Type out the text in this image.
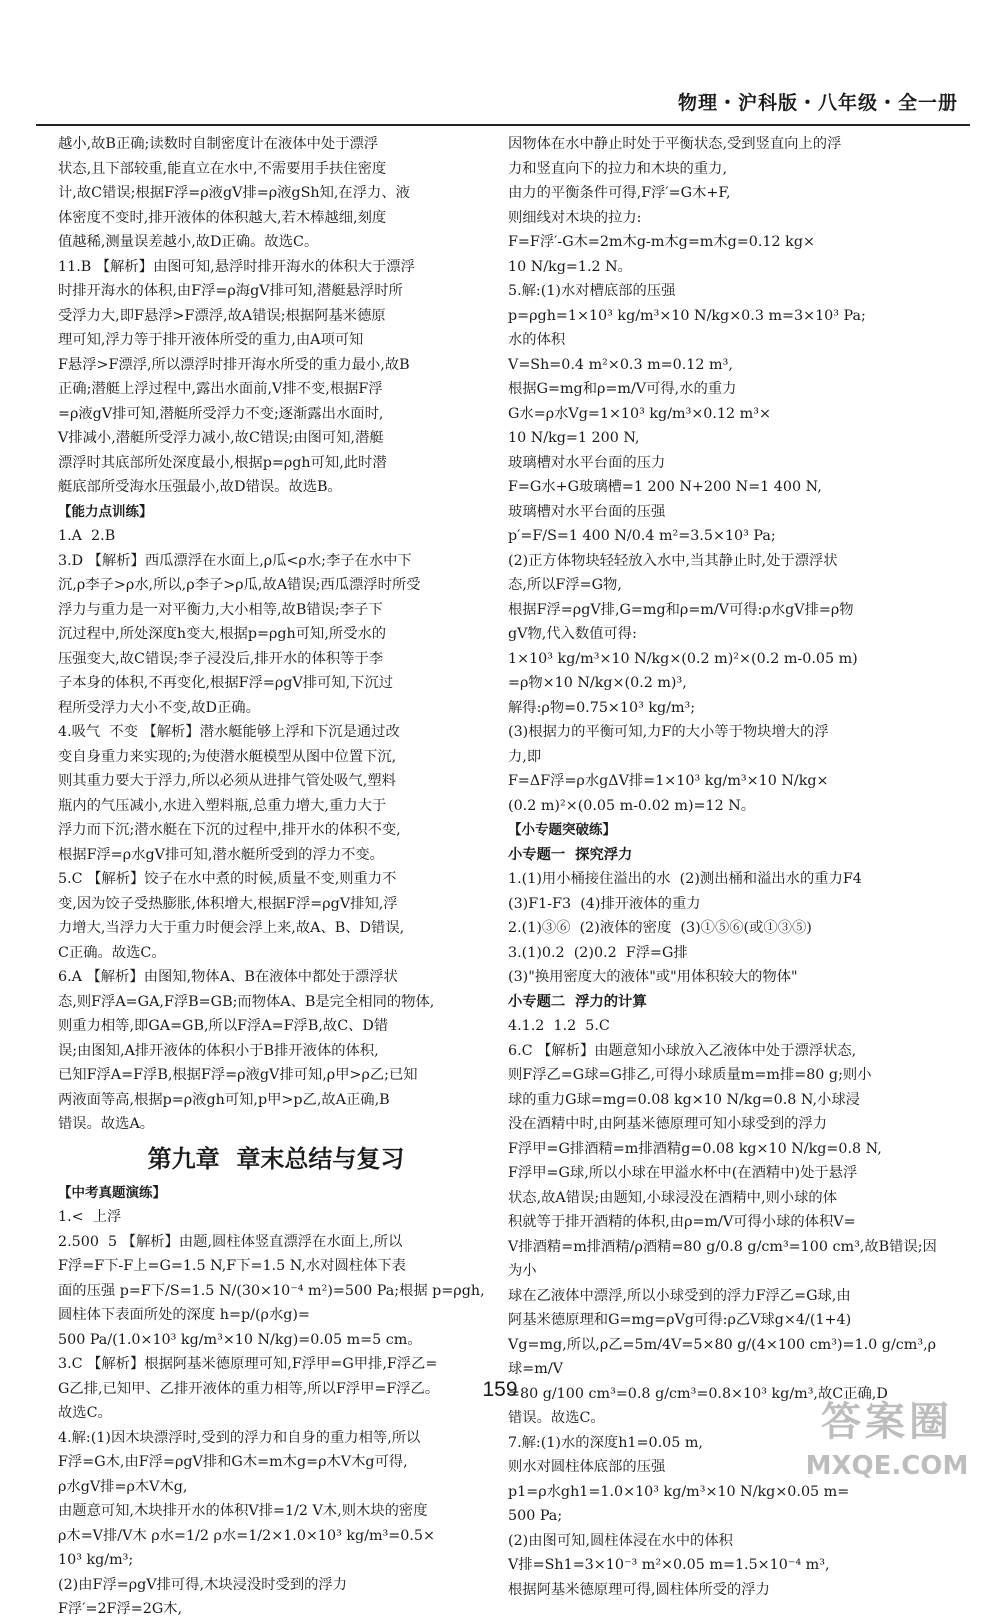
物理・沪科版・八年级・全一册

越小,故B正确;读数时自制密度计在液体中处于漂浮

状态,且下部较重,能直立在水中,不需要用手扶住密度

计,故C错误;根据F浮=ρ液gV排=ρ液gSh知,在浮力、液

体密度不变时,排开液体的体积越大,若木棒越细,刻度

值越稀,测量误差越小,故D正确。故选C。

11.B 【解析】由图可知,悬浮时排开海水的体积大于漂浮

时排开海水的体积,由F浮=ρ海gV排可知,潜艇悬浮时所

受浮力大,即F悬浮>F漂浮,故A错误;根据阿基米德原

理可知,浮力等于排开液体所受的重力,由A项可知

F悬浮>F漂浮,所以漂浮时排开海水所受的重力最小,故B

正确;潜艇上浮过程中,露出水面前,V排不变,根据F浮

=ρ液gV排可知,潜艇所受浮力不变;逐渐露出水面时,

V排减小,潜艇所受浮力减小,故C错误;由图可知,潜艇

漂浮时其底部所处深度最小,根据p=ρgh可知,此时潜

艇底部所受海水压强最小,故D错误。故选B。

【能力点训练】

1.A  2.B

3.D 【解析】西瓜漂浮在水面上,ρ瓜<ρ水;李子在水中下

沉,ρ李子>ρ水,所以,ρ李子>ρ瓜,故A错误;西瓜漂浮时所受

浮力与重力是一对平衡力,大小相等,故B错误;李子下

沉过程中,所处深度h变大,根据p=ρgh可知,所受水的

压强变大,故C错误;李子浸没后,排开水的体积等于李

子本身的体积,不再变化,根据F浮=ρgV排可知,下沉过

程所受浮力大小不变,故D正确。

4.吸气  不变 【解析】潜水艇能够上浮和下沉是通过改

变自身重力来实现的;为使潜水艇模型从图中位置下沉,

则其重力要大于浮力,所以必须从进排气管处吸气,塑料

瓶内的气压减小,水进入塑料瓶,总重力增大,重力大于

浮力而下沉;潜水艇在下沉的过程中,排开水的体积不变,

根据F浮=ρ水gV排可知,潜水艇所受到的浮力不变。

5.C 【解析】饺子在水中煮的时候,质量不变,则重力不

变,因为饺子受热膨胀,体积增大,根据F浮=ρgV排知,浮

力增大,当浮力大于重力时便会浮上来,故A、B、D错误,

C正确。故选C。

6.A 【解析】由图知,物体A、B在液体中都处于漂浮状

态,则F浮A=GA,F浮B=GB;而物体A、B是完全相同的物体,

则重力相等,即GA=GB,所以F浮A=F浮B,故C、D错

误;由图知,A排开液体的体积小于B排开液体的体积,

已知F浮A=F浮B,根据F浮=ρ液gV排可知,ρ甲>ρ乙;已知

两液面等高,根据p=ρ液gh可知,p甲>p乙,故A正确,B

错误。故选A。

第九章  章末总结与复习

【中考真题演练】

1.<  上浮

2.500  5 【解析】由题,圆柱体竖直漂浮在水面上,所以

F浮=F下-F上=G=1.5 N,F下=1.5 N,水对圆柱体下表

面的压强 p=F下/S=1.5 N/(30×10⁻⁴ m²)=500 Pa;根据 p=ρgh,

圆柱体下表面所处的深度 h=p/(ρ水g)=

500 Pa/(1.0×10³ kg/m³×10 N/kg)=0.05 m=5 cm。

3.C 【解析】根据阿基米德原理可知,F浮甲=G甲排,F浮乙=

G乙排,已知甲、乙排开液体的重力相等,所以F浮甲=F浮乙。

故选C。

4.解:(1)因木块漂浮时,受到的浮力和自身的重力相等,所以

F浮=G木,由F浮=ρgV排和G木=m木g=ρ木V木g可得,

ρ水gV排=ρ木V木g,

由题意可知,木块排开水的体积V排=1/2 V木,则木块的密度

ρ木=V排/V木 ρ水=1/2 ρ水=1/2×1.0×10³ kg/m³=0.5×

10³ kg/m³;

(2)由F浮=ρgV排可得,木块浸没时受到的浮力

F浮′=2F浮=2G木,

因物体在水中静止时处于平衡状态,受到竖直向上的浮

力和竖直向下的拉力和木块的重力,

由力的平衡条件可得,F浮′=G木+F,

则细线对木块的拉力:

F=F浮′-G木=2m木g-m木g=m木g=0.12 kg×

10 N/kg=1.2 N。

5.解:(1)水对槽底部的压强

p=ρgh=1×10³ kg/m³×10 N/kg×0.3 m=3×10³ Pa;

水的体积

V=Sh=0.4 m²×0.3 m=0.12 m³,

根据G=mg和ρ=m/V可得,水的重力

G水=ρ水Vg=1×10³ kg/m³×0.12 m³×

10 N/kg=1 200 N,

玻璃槽对水平台面的压力

F=G水+G玻璃槽=1 200 N+200 N=1 400 N,

玻璃槽对水平台面的压强

p′=F/S=1 400 N/0.4 m²=3.5×10³ Pa;

(2)正方体物块轻轻放入水中,当其静止时,处于漂浮状

态,所以F浮=G物,

根据F浮=ρgV排,G=mg和ρ=m/V可得:ρ水gV排=ρ物

gV物,代入数值可得:

1×10³ kg/m³×10 N/kg×(0.2 m)²×(0.2 m-0.05 m)

=ρ物×10 N/kg×(0.2 m)³,

解得:ρ物=0.75×10³ kg/m³;

(3)根据力的平衡可知,力F的大小等于物块增大的浮

力,即

F=ΔF浮=ρ水gΔV排=1×10³ kg/m³×10 N/kg×

(0.2 m)²×(0.05 m-0.02 m)=12 N。

【小专题突破练】

小专题一  探究浮力

1.(1)用小桶接住溢出的水  (2)测出桶和溢出水的重力F4

(3)F1-F3  (4)排开液体的重力

2.(1)③⑥  (2)液体的密度  (3)①⑤⑥(或①③⑤)

3.(1)0.2  (2)0.2  F浮=G排

(3)"换用密度大的液体"或"用体积较大的物体"

小专题二  浮力的计算

4.1.2  1.2  5.C

6.C 【解析】由题意知小球放入乙液体中处于漂浮状态,

则F浮乙=G球=G排乙,可得小球质量m=m排=80 g;则小

球的重力G球=mg=0.08 kg×10 N/kg=0.8 N,小球浸

没在酒精中时,由阿基米德原理可知小球受到的浮力

F浮甲=G排酒精=m排酒精g=0.08 kg×10 N/kg=0.8 N,

F浮甲=G球,所以小球在甲溢水杯中(在酒精中)处于悬浮

状态,故A错误;由题知,小球浸没在酒精中,则小球的体

积就等于排开酒精的体积,由ρ=m/V可得小球的体积V=

V排酒精=m排酒精/ρ酒精=80 g/0.8 g/cm³=100 cm³,故B错误;因为小

球在乙液体中漂浮,所以小球受到的浮力F浮乙=G球,由

阿基米德原理和G=mg=ρVg可得:ρ乙V球g×4/(1+4)

Vg=mg,所以,ρ乙=5m/4V=5×80 g/(4×100 cm³)=1.0 g/cm³,ρ球=m/V

=80 g/100 cm³=0.8 g/cm³=0.8×10³ kg/m³,故C正确,D

错误。故选C。

7.解:(1)水的深度h1=0.05 m,

则水对圆柱体底部的压强

p1=ρ水gh1=1.0×10³ kg/m³×10 N/kg×0.05 m=

500 Pa;

(2)由图可知,圆柱体浸在水中的体积

V排=Sh1=3×10⁻³ m²×0.05 m=1.5×10⁻⁴ m³,

根据阿基米德原理可得,圆柱体所受的浮力

159
答案圈
MXQE.COM
